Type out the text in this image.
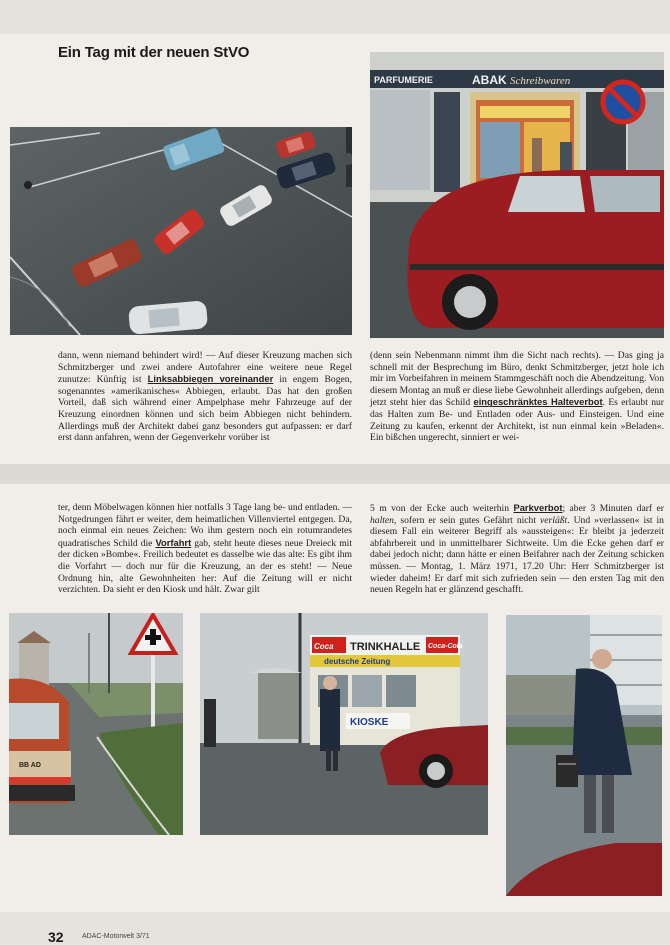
Ein Tag mit der neuen StVO
PARFUMERIE	ABAK Schreibwaren
dann, wenn niemand behindert wird! — Auf dieser Kreuzung machen sich Schmitzberger und zwei andere Autofahrer eine weitere neue Regel zunutze: Künftig ist Linksabbiegen voreinander in engem Bogen, sogenanntes »amerikanisches« Abbiegen, erlaubt. Das hat den großen Vorteil, daß sich während einer Ampelphase mehr Fahrzeuge auf der Kreuzung einordnen können und sich beim Abbiegen nicht behindern. Allerdings muß der Architekt dabei ganz besonders gut aufpassen: er darf erst dann anfahren, wenn der Gegenverkehr vorüber ist
(denn sein Nebenmann nimmt ihm die Sicht nach rechts). — Das ging ja schnell mit der Besprechung im Büro, denkt Schmitzberger, jetzt hole ich mir im Vorbeifahren in meinem Stammgeschäft noch die Abendzeitung. Von diesem Montag an muß er diese liebe Gewohnheit allerdings aufgeben, denn jetzt steht hier das Schild eingeschränktes Halteverbot. Es erlaubt nur das Halten zum Be- und Entladen oder Aus- und Einsteigen. Und eine Zeitung zu kaufen, erkennt der Architekt, ist nun einmal kein »Beladen«. Ein bißchen ungerecht, sinniert er wei-
ter, denn Möbelwagen können hier notfalls 3 Tage lang be- und entladen. — Notgedrungen fährt er weiter, dem heimatlichen Villenviertel entgegen. Da, noch einmal ein neues Zeichen: Wo ihm gestern noch ein rotumrandetes quadratisches Schild die Vorfahrt gab, steht heute dieses neue Dreieck mit der dicken »Bombe«. Freilich bedeutet es dasselbe wie das alte: Es gibt ihm die Vorfahrt — doch nur für die Kreuzung, an der es steht! — Neue Ordnung hin, alte Gewohnheiten her: Auf die Zeitung will er nicht verzichten. Da sieht er den Kiosk und hält. Zwar gilt
5 m von der Ecke auch weiterhin Parkverbot; aber 3 Minuten darf er halten, sofern er sein gutes Gefährt nicht verläßt. Und »verlassen« ist in diesem Fall ein weiterer Begriff als »aussteigen«: Er bleibt ja jederzeit abfahrbereit und in unmittelbarer Sichtweite. Um die Ecke gehen darf er dabei jedoch nicht; dann hätte er einen Beifahrer nach der Zeitung schicken müssen. — Montag, 1. März 1971, 17.20 Uhr: Herr Schmitzberger ist wieder daheim! Er darf mit sich zufrieden sein — den ersten Tag mit den neuen Regeln hat er glänzend geschafft.
BB AD
Coca TRINKHALLE Coca-Cola
deutsche Zeitung
KIOSKE
32	ADAC-Motorwelt 3/71
